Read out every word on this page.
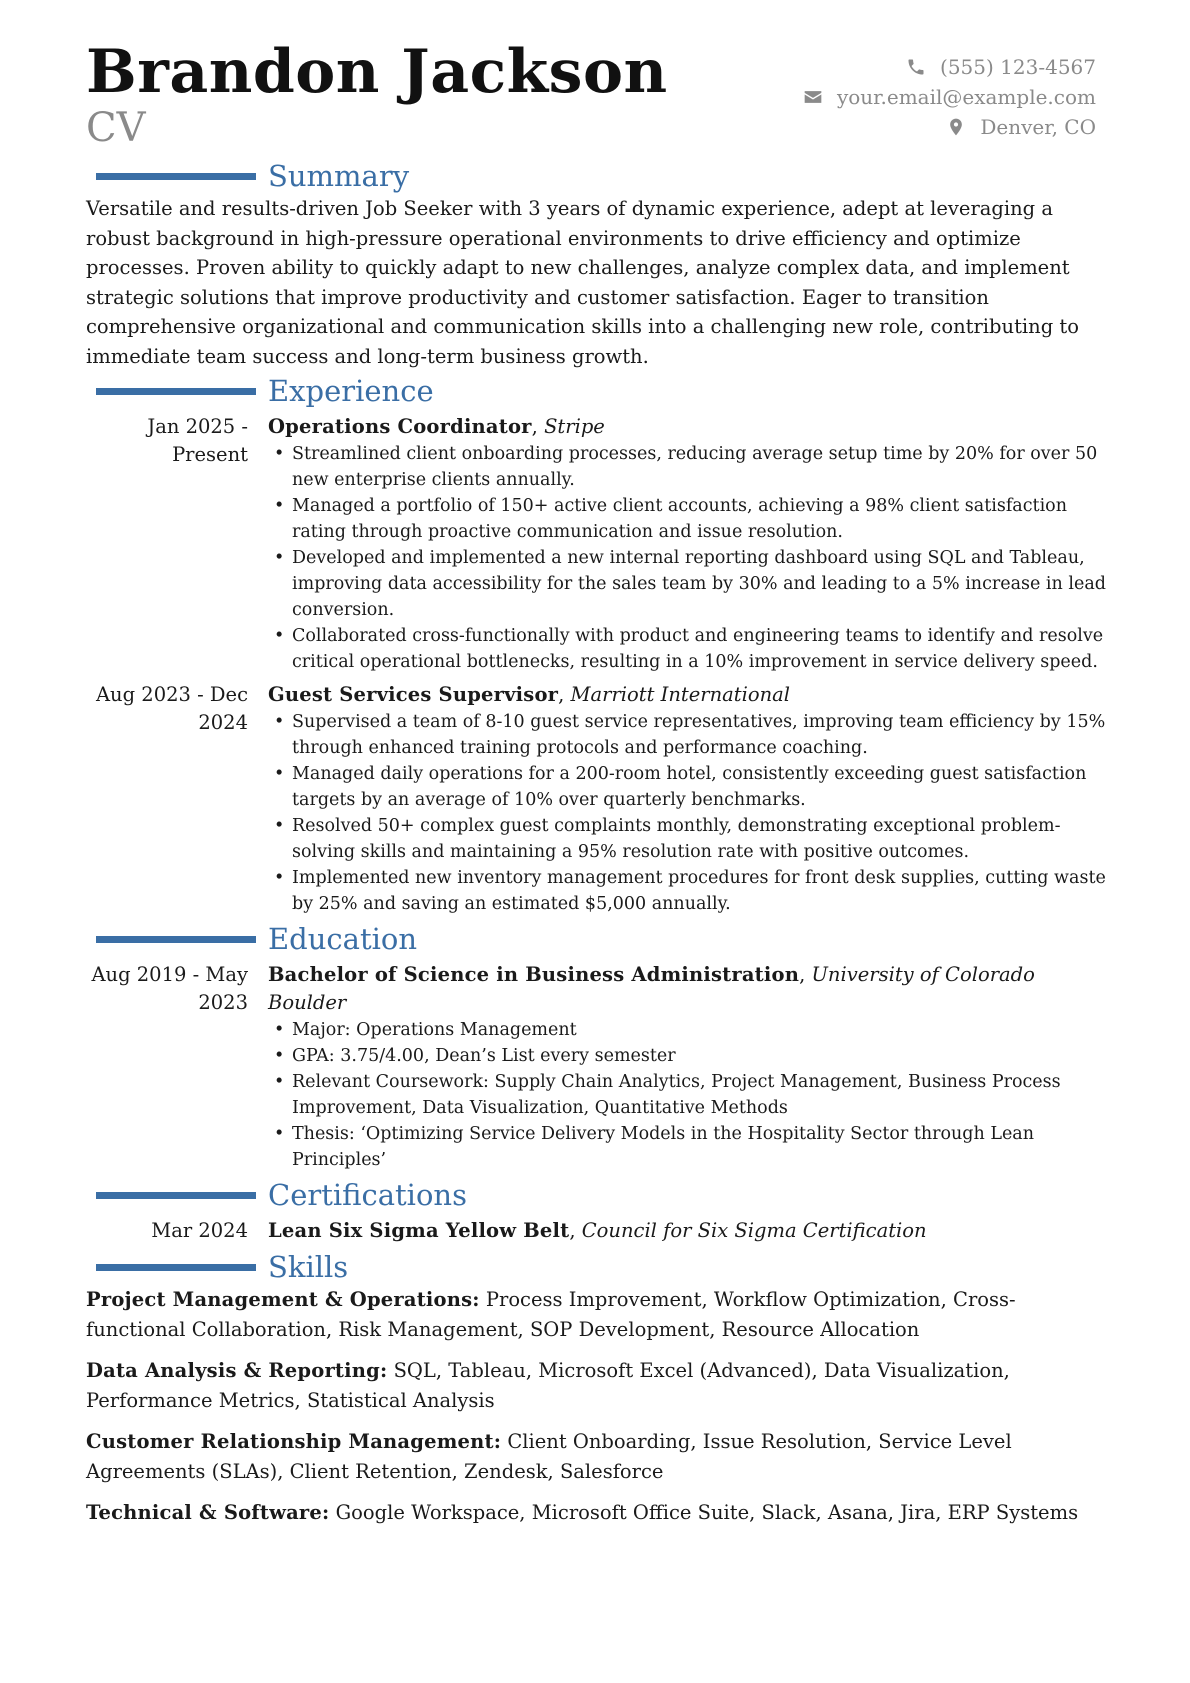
Brandon Jackson
CV
(555) 123-4567
your.email@example.com
Denver, CO
Summary
Versatile and results-driven Job Seeker with 3 years of dynamic experience, adept at leveraging a robust background in high-pressure operational environments to drive efficiency and optimize processes. Proven ability to quickly adapt to new challenges, analyze complex data, and implement strategic solutions that improve productivity and customer satisfaction. Eager to transition comprehensive organizational and communication skills into a challenging new role, contributing to immediate team success and long-term business growth.
Experience
Jan 2025 - Present
Operations Coordinator, Stripe
• Streamlined client onboarding processes, reducing average setup time by 20% for over 50 new enterprise clients annually.
• Managed a portfolio of 150+ active client accounts, achieving a 98% client satisfaction rating through proactive communication and issue resolution.
• Developed and implemented a new internal reporting dashboard using SQL and Tableau, improving data accessibility for the sales team by 30% and leading to a 5% increase in lead conversion.
• Collaborated cross-functionally with product and engineering teams to identify and resolve critical operational bottlenecks, resulting in a 10% improvement in service delivery speed.
Aug 2023 - Dec 2024
Guest Services Supervisor, Marriott International
• Supervised a team of 8-10 guest service representatives, improving team efficiency by 15% through enhanced training protocols and performance coaching.
• Managed daily operations for a 200-room hotel, consistently exceeding guest satisfaction targets by an average of 10% over quarterly benchmarks.
• Resolved 50+ complex guest complaints monthly, demonstrating exceptional problem-solving skills and maintaining a 95% resolution rate with positive outcomes.
• Implemented new inventory management procedures for front desk supplies, cutting waste by 25% and saving an estimated $5,000 annually.
Education
Aug 2019 - May 2023
Bachelor of Science in Business Administration, University of Colorado Boulder
• Major: Operations Management
• GPA: 3.75/4.00, Dean’s List every semester
• Relevant Coursework: Supply Chain Analytics, Project Management, Business Process Improvement, Data Visualization, Quantitative Methods
• Thesis: ‘Optimizing Service Delivery Models in the Hospitality Sector through Lean Principles’
Certifications
Mar 2024	Lean Six Sigma Yellow Belt, Council for Six Sigma Certification
Skills
Project Management & Operations: Process Improvement, Workflow Optimization, Cross-functional Collaboration, Risk Management, SOP Development, Resource Allocation
Data Analysis & Reporting: SQL, Tableau, Microsoft Excel (Advanced), Data Visualization, Performance Metrics, Statistical Analysis
Customer Relationship Management: Client Onboarding, Issue Resolution, Service Level Agreements (SLAs), Client Retention, Zendesk, Salesforce
Technical & Software: Google Workspace, Microsoft Office Suite, Slack, Asana, Jira, ERP Systems
